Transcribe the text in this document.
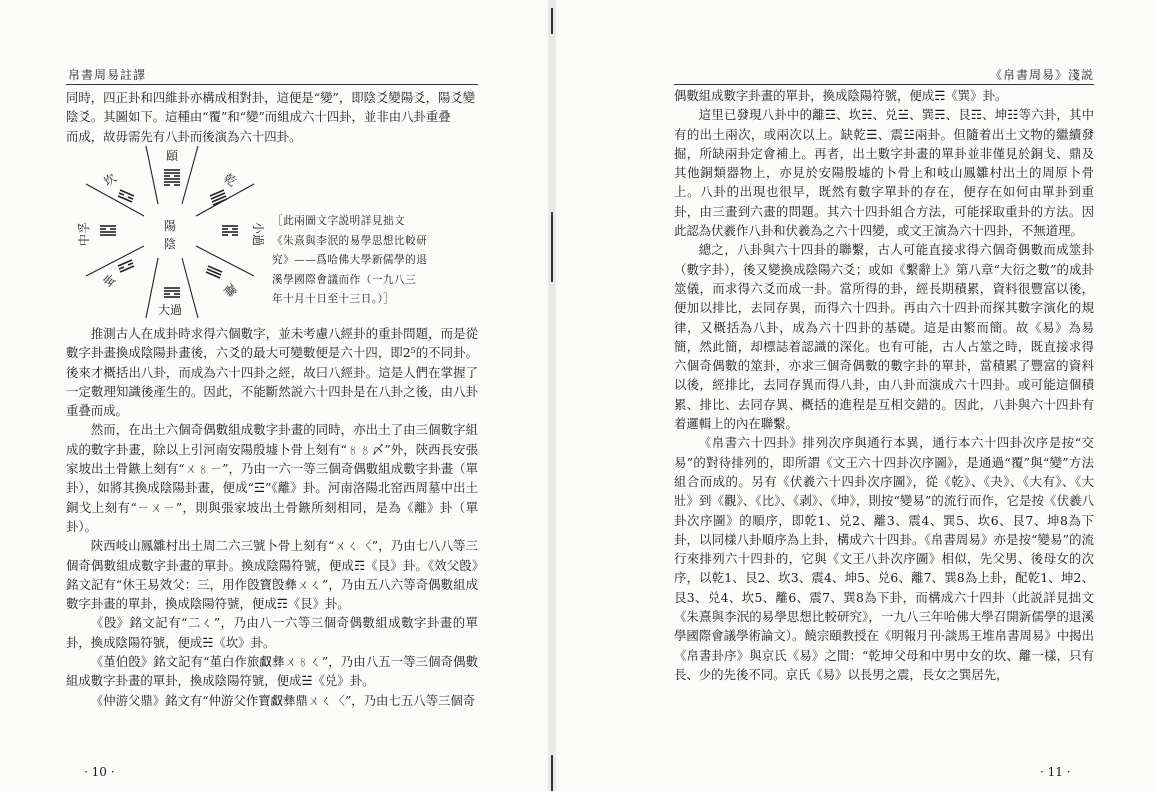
帛書周易註譯

同時，四正卦和四維卦亦構成相對卦，這便是“變”，即陰爻變陽爻，陽爻變

陰爻。其圖如下。這種由“覆”和“變”而組成六十四卦，並非由八卦重叠

而成，故毋需先有八卦而後演為六十四卦。

陽
陰
頤
乾
小過
離
大過
坤
中孚
坎
［此兩圖文字説明詳見拙文
《朱熹與李泯的易學思想比較研
究》——爲哈佛大學新儒學的退
溪學國際會議而作（一九八三
年十月十日至十三日。）］

推測古人在成卦時求得六個數字，並未考慮八經卦的重卦問題，而是從數字卦畫換成陰陽卦畫後，六爻的最大可變數便是六十四，即2⁵的不同卦。後來才概括出八卦，而成為六十四卦之經，故曰八經卦。這是人們在掌握了一定數理知識後產生的。因此，不能斷然説六十四卦是在八卦之後，由八卦重叠而成。

然而，在出土六個奇偶數組成數字卦畫的同時，亦出土了由三個數字組成的數字卦畫，除以上引河南安陽殷墟卜骨上刻有“〥〥〆”外，陝西長安張家坡出土骨鏃上刻有“ㄨ〥ㄧ”，乃由一六一等三個奇偶數組成數字卦畫（單卦），如將其換成陰陽卦畫，便成“☲”《離》卦。河南洛陽北窑西周墓中出土銅戈上刻有“ㄧㄨㄧ”，則與張家坡出土骨鏃所刻相同，是為《離》卦（單卦）。

陝西岐山鳳雛村出土周二六三號卜骨上刻有“ㄨㄑ〈”，乃由七八八等三個奇偶數組成數字卦畫的單卦。換成陰陽符號，便成☶《艮》卦。《效父𣪘》銘文記有“休王易效父：三，用作𣪘寶𣪘彝ㄨㄑ”，乃由五八六等奇偶數組成數字卦畫的單卦，換成陰陽符號，便成☶《艮》卦。

《𣪘》銘文記有“二ㄑ”，乃由八一六等三個奇偶數組成數字卦畫的單卦，換成陰陽符號，便成☵《坎》卦。

《堇伯𣪘》銘文記有“堇白作旅𠭯彝ㄨ〥ㄑ”，乃由八五一等三個奇偶數組成數字卦畫的單卦，換成陰陽符號，便成☱《兑》卦。

《仲游父鼎》銘文有“仲游父作寶𠭯彝鼎ㄨㄑ〈”，乃由七五八等三個奇

· 10 ·
《帛書周易》淺説

偶數組成數字卦畫的單卦，換成陰陽符號，便成☴《巽》卦。

這里已發現八卦中的離☲、坎☵、兑☱、巽☴、艮☶、坤☷等六卦，其中有的出土兩次，或兩次以上。缺乾☰、震☳兩卦。但隨着出土文物的繼續發掘，所缺兩卦定會補上。再者，出土數字卦畫的單卦並非僅見於銅戈、鼎及其他銅類器物上，亦見於安陽殷墟的卜骨上和岐山鳳雛村出土的周原卜骨上。八卦的出現也很早，既然有數字單卦的存在，便存在如何由單卦到重卦，由三畫到六畫的問題。其六十四卦組合方法，可能採取重卦的方法。因此認為伏羲作八卦和伏羲為之六十四變，或文王演為六十四卦，不無道理。

總之，八卦與六十四卦的聯繫，古人可能直接求得六個奇偶數而成筮卦（數字卦），後又變換成陰陽六爻；或如《繫辭上》第八章“大衍之數”的成卦筮儀，而求得六爻而成一卦。當所得的卦，經長期積累，資料很豐富以後，便加以排比，去同存異，而得六十四卦。再由六十四卦而探其數字演化的規律，又概括為八卦，成為六十四卦的基礎。這是由繁而簡。故《易》為易簡，然此簡，却標誌着認識的深化。也有可能，古人占筮之時，既直接求得六個奇偶數的筮卦，亦求三個奇偶數的數字卦的單卦，當積累了豐富的資料以後，經排比，去同存異而得八卦，由八卦而演成六十四卦。或可能這個積累、排比、去同存異、概括的進程是互相交錯的。因此，八卦與六十四卦有着邏輯上的內在聯繫。

《帛書六十四卦》排列次序與通行本異，通行本六十四卦次序是按“交易”的對待排列的，即所謂《文王六十四卦次序圖》，是通過“覆”與“變”方法組合而成的。另有《伏羲六十四卦次序圖》，從《乾》、《夬》、《大有》、《大壯》到《觀》、《比》、《剥》、《坤》，則按“變易”的流行而作，它是按《伏羲八卦次序圖》的順序，即乾1、兑2、離3、震4、巽5、坎6、艮7、坤8為下卦，以同樣八卦順序為上卦，構成六十四卦。《帛書周易》亦是按“變易”的流行來排列六十四卦的，它與《文王八卦次序圖》相似，先父男、後母女的次序，以乾1、艮2、坎3、震4、坤5、兑6、離7、巽8為上卦，配乾1、坤2、艮3、兑4、坎5、離6、震7、巽8為下卦，而構成六十四卦（此説詳見拙文《朱熹與李泯的易學思想比較研究》，一九八三年哈佛大學召開新儒學的退溪學國際會議學術論文）。饒宗頤教授在《明報月刊·談馬王堆帛書周易》中揭出《帛書卦序》與京氏《易》之間：“乾坤父母和中男中女的坎、離一樣，只有長、少的先後不同。京氏《易》以長男之震，長女之巽居先，

· 11 ·
